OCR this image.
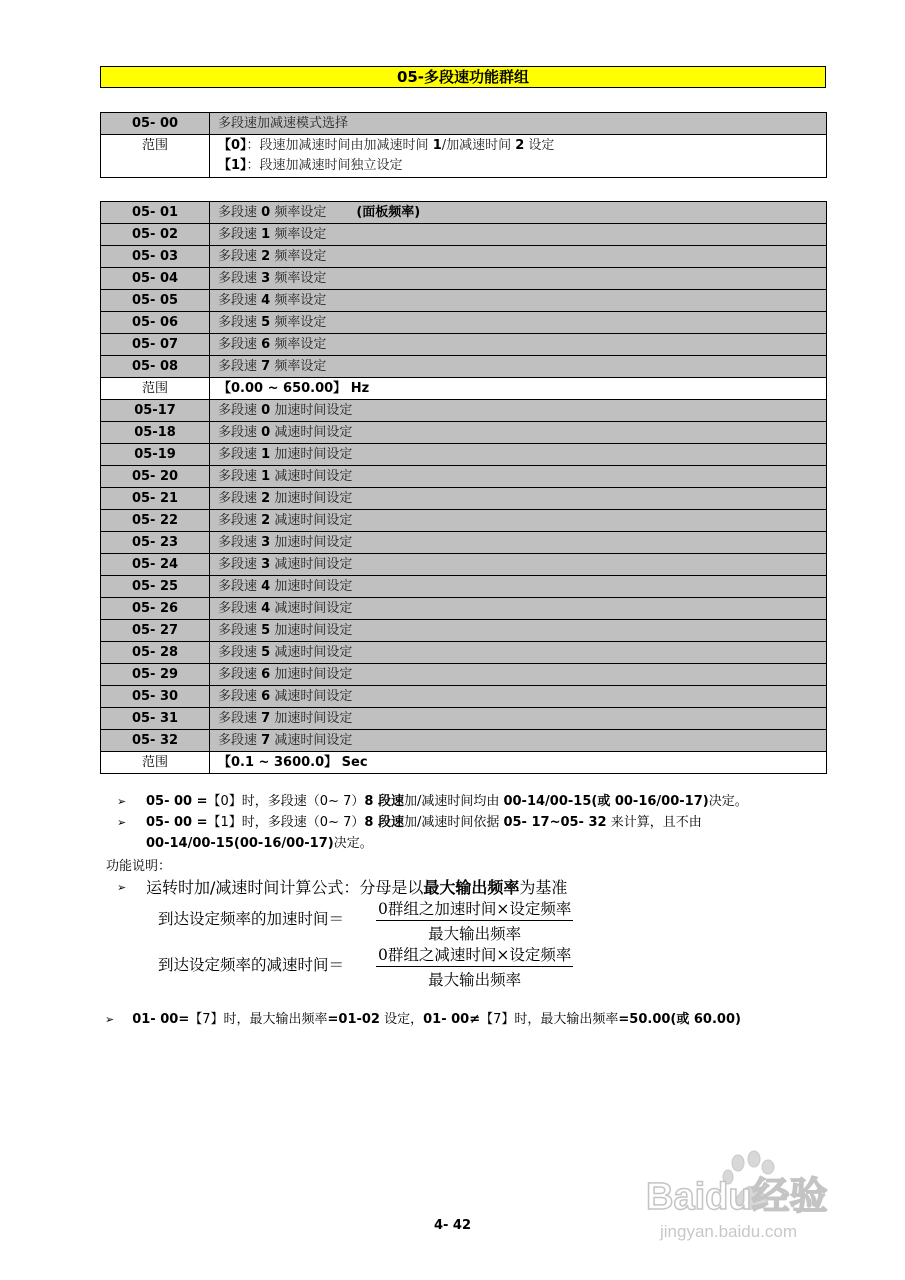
05-多段速功能群组
05- 00	多段速加减速模式选择
范围	【0】：段速加减速时间由加减速时间 1/加减速时间 2 设定
【1】：段速加减速时间独立设定
05- 01	多段速 0 频率设定 (面板频率)
05- 02	多段速 1 频率设定
05- 03	多段速 2 频率设定
05- 04	多段速 3 频率设定
05- 05	多段速 4 频率设定
05- 06	多段速 5 频率设定
05- 07	多段速 6 频率设定
05- 08	多段速 7 频率设定
范围	【0.00 ~ 650.00】 Hz
05-17	多段速 0 加速时间设定
05-18	多段速 0 减速时间设定
05-19	多段速 1 加速时间设定
05- 20	多段速 1 减速时间设定
05- 21	多段速 2 加速时间设定
05- 22	多段速 2 减速时间设定
05- 23	多段速 3 加速时间设定
05- 24	多段速 3 减速时间设定
05- 25	多段速 4 加速时间设定
05- 26	多段速 4 减速时间设定
05- 27	多段速 5 加速时间设定
05- 28	多段速 5 减速时间设定
05- 29	多段速 6 加速时间设定
05- 30	多段速 6 减速时间设定
05- 31	多段速 7 加速时间设定
05- 32	多段速 7 减速时间设定
范围	【0.1 ~ 3600.0】 Sec
➢ 05- 00 =【0】时，多段速（0~ 7）8 段速加/减速时间均由 00-14/00-15(或 00-16/00-17)决定。
➢ 05- 00 =【1】时，多段速（0~ 7）8 段速加/减速时间依据 05- 17~05- 32 来计算，且不由
00-14/00-15(00-16/00-17)决定。
功能说明：
➢ 运转时加/减速时间计算公式：分母是以最大输出频率为基准
到达设定频率的加速时间＝
0群组之加速时间×设定频率
最大输出频率
到达设定频率的减速时间＝
0群组之减速时间×设定频率
最大输出频率
➢ 01- 00=【7】时，最大输出频率=01-02 设定，01- 00≠【7】时，最大输出频率=50.00(或 60.00)
4- 42
Baidu经验
jingyan.baidu.com
